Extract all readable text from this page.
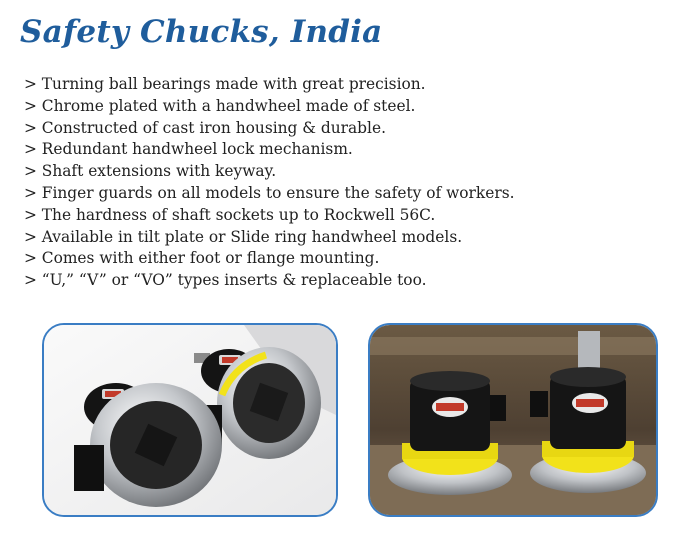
Safety Chucks, India
> Turning ball bearings made with great precision.
> Chrome plated with a handwheel made of steel.
> Constructed of cast iron housing & durable.
> Redundant handwheel lock mechanism.
> Shaft extensions with keyway.
> Finger guards on all models to ensure the safety of workers.
> The hardness of shaft sockets up to Rockwell 56C.
> Available in tilt plate or Slide ring handwheel models.
> Comes with either foot or flange mounting.
> “U,” “V” or “VO” types inserts & replaceable too.
